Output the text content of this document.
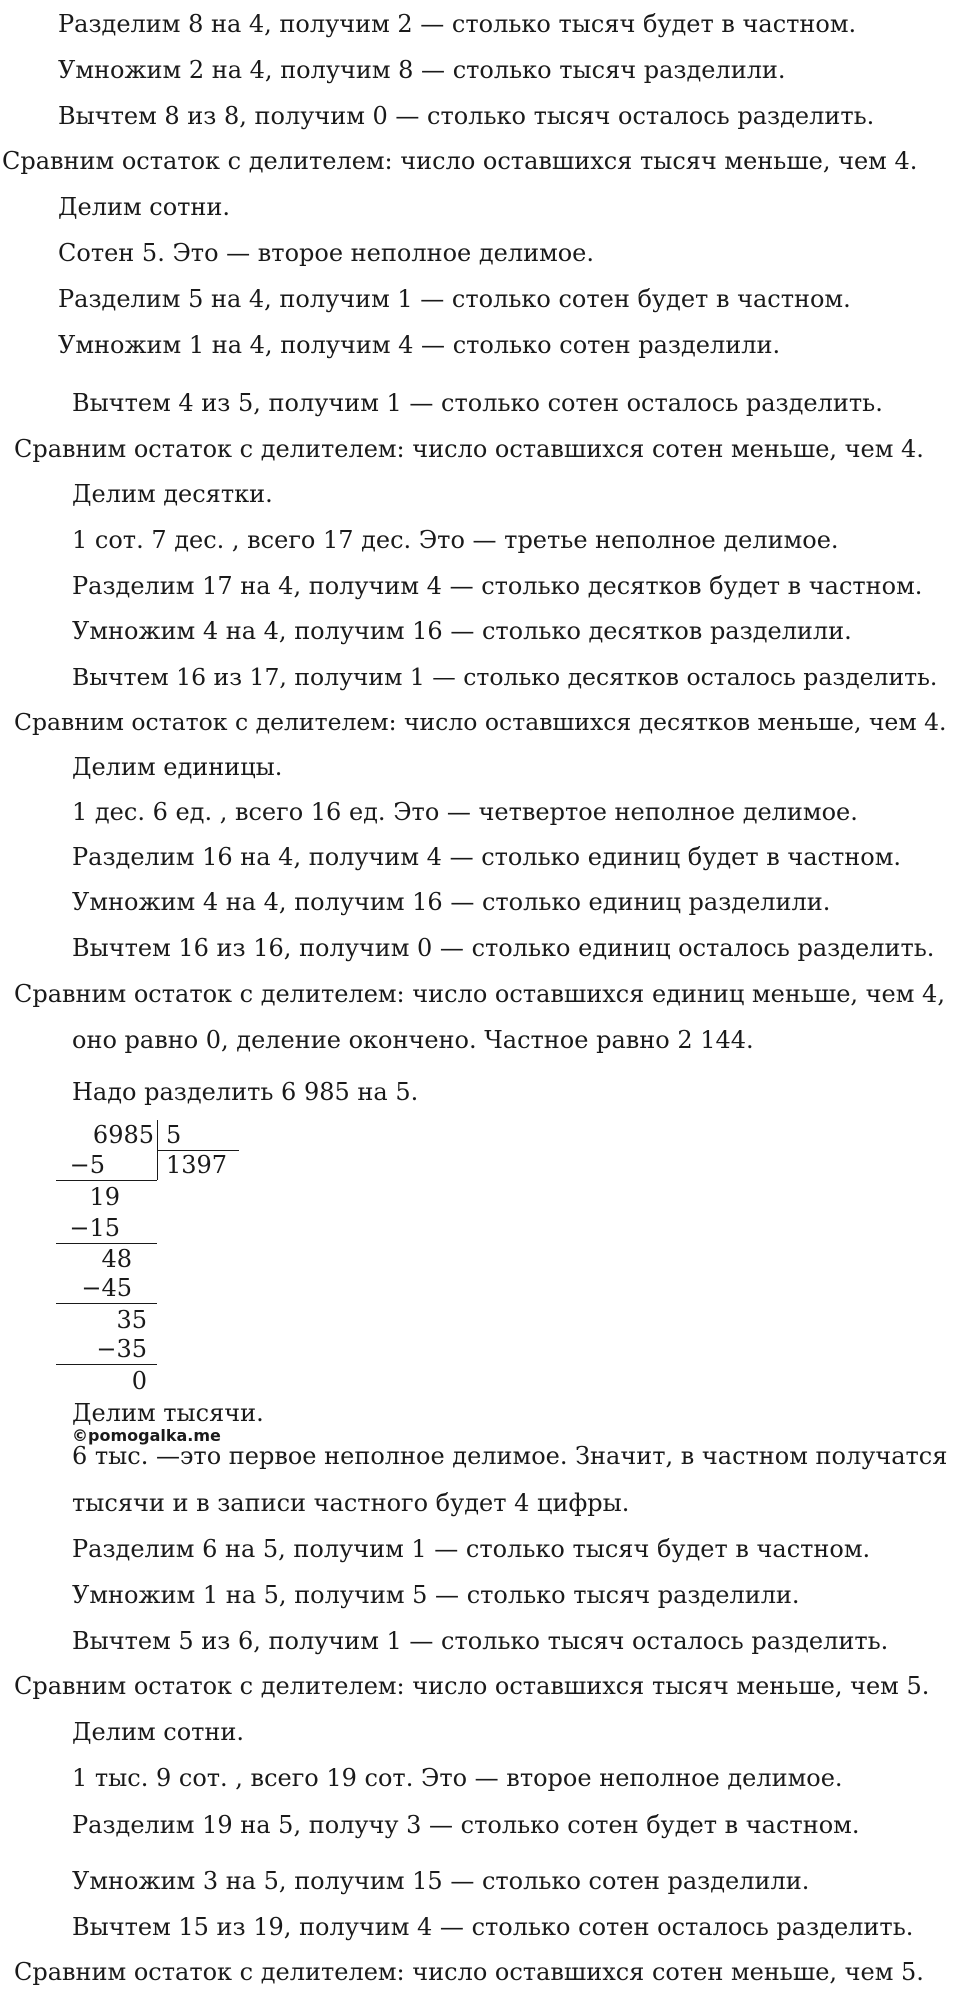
Разделим 8 на 4, получим 2 — столько тысяч будет в частном.
Умножим 2 на 4, получим 8 — столько тысяч разделили.
Вычтем 8 из 8, получим 0 — столько тысяч осталось разделить.
Сравним остаток с делителем: число оставшихся тысяч меньше, чем 4.
Делим сотни.
Сотен 5. Это — второе неполное делимое.
Разделим 5 на 4, получим 1 — столько сотен будет в частном.
Умножим 1 на 4, получим 4 — столько сотен разделили.
Вычтем 4 из 5, получим 1 — столько сотен осталось разделить.
Сравним остаток с делителем: число оставшихся сотен меньше, чем 4.
Делим десятки.
1 сот. 7 дес. , всего 17 дес. Это — третье неполное делимое.
Разделим 17 на 4, получим 4 — столько десятков будет в частном.
Умножим 4 на 4, получим 16 — столько десятков разделили.
Вычтем 16 из 17, получим 1 — столько десятков осталось разделить.
Сравним остаток с делителем: число оставшихся десятков меньше, чем 4.
Делим единицы.
1 дес. 6 ед. , всего 16 ед. Это — четвертое неполное делимое.
Разделим 16 на 4, получим 4 — столько единиц будет в частном.
Умножим 4 на 4, получим 16 — столько единиц разделили.
Вычтем 16 из 16, получим 0 — столько единиц осталось разделить.
Сравним остаток с делителем: число оставшихся единиц меньше, чем 4,
оно равно 0, деление окончено. Частное равно 2 144.
Надо разделить 6 985 на 5.
6985 5
1397
−5
19
−15
48
−45
35
−35
0
Делим тысячи.
©pomogalka.me
6 тыс. —это первое неполное делимое. Значит, в частном получатся
тысячи и в записи частного будет 4 цифры.
Разделим 6 на 5, получим 1 — столько тысяч будет в частном.
Умножим 1 на 5, получим 5 — столько тысяч разделили.
Вычтем 5 из 6, получим 1 — столько тысяч осталось разделить.
Сравним остаток с делителем: число оставшихся тысяч меньше, чем 5.
Делим сотни.
1 тыс. 9 сот. , всего 19 сот. Это — второе неполное делимое.
Разделим 19 на 5, получу 3 — столько сотен будет в частном.
Умножим 3 на 5, получим 15 — столько сотен разделили.
Вычтем 15 из 19, получим 4 — столько сотен осталось разделить.
Сравним остаток с делителем: число оставшихся сотен меньше, чем 5.
